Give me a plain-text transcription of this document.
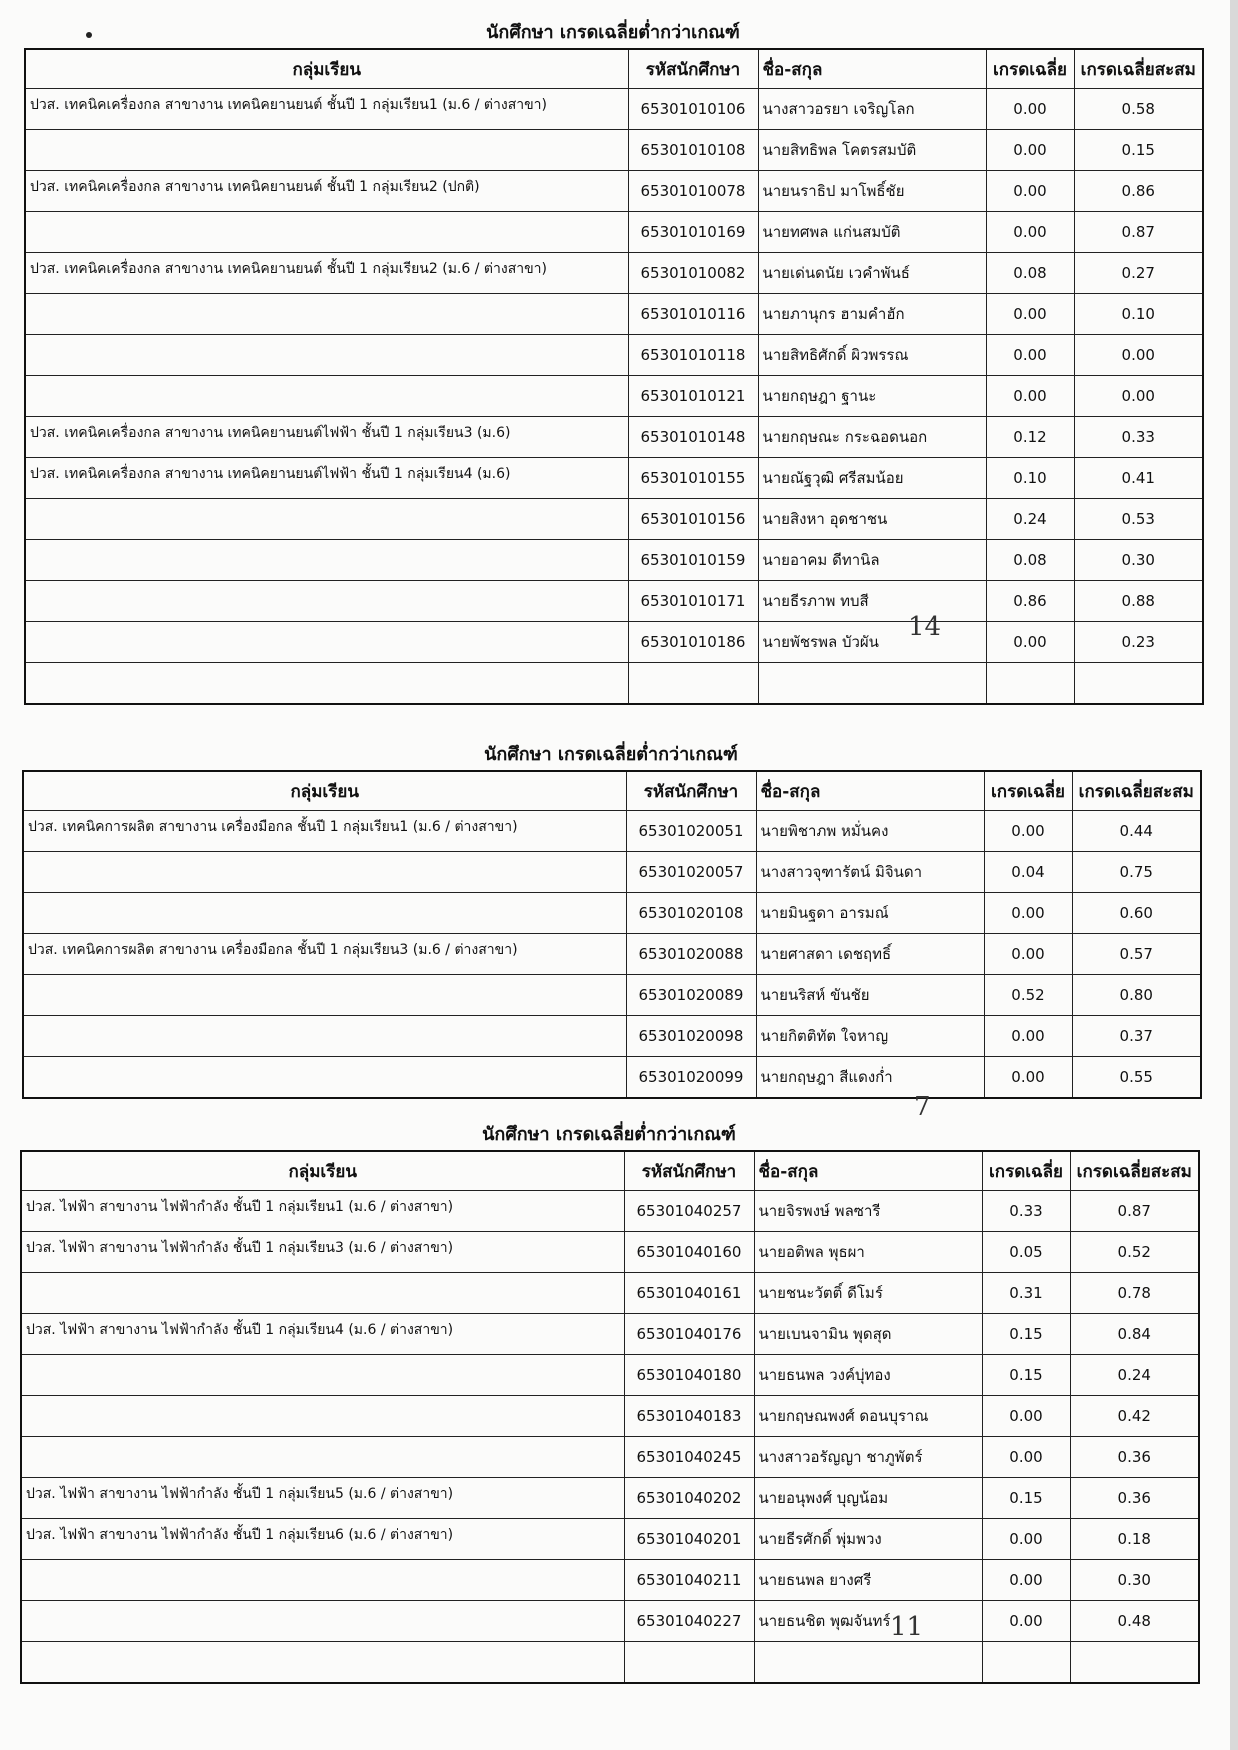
นักศึกษา เกรดเฉลี่ยต่ำกว่าเกณฑ์
กลุ่มเรียน	รหัสนักศึกษา	ชื่อ-สกุล	เกรดเฉลี่ย	เกรดเฉลี่ยสะสม
ปวส. เทคนิคเครื่องกล สาขางาน เทคนิคยานยนต์ ชั้นปี 1 กลุ่มเรียน1 (ม.6 / ต่างสาขา)	65301010106	นางสาวอรยา เจริญโลก	0.00	0.58
	65301010108	นายสิทธิพล โคตรสมบัติ	0.00	0.15
ปวส. เทคนิคเครื่องกล สาขางาน เทคนิคยานยนต์ ชั้นปี 1 กลุ่มเรียน2 (ปกติ)	65301010078	นายนราธิป มาโพธิ์ชัย	0.00	0.86
	65301010169	นายทศพล แก่นสมบัติ	0.00	0.87
ปวส. เทคนิคเครื่องกล สาขางาน เทคนิคยานยนต์ ชั้นปี 1 กลุ่มเรียน2 (ม.6 / ต่างสาขา)	65301010082	นายเด่นดนัย เวคำพันธ์	0.08	0.27
	65301010116	นายภานุกร ฮามคำฮัก	0.00	0.10
	65301010118	นายสิทธิศักดิ์ ผิวพรรณ	0.00	0.00
	65301010121	นายกฤษฎา ฐานะ	0.00	0.00
ปวส. เทคนิคเครื่องกล สาขางาน เทคนิคยานยนต์ไฟฟ้า ชั้นปี 1 กลุ่มเรียน3 (ม.6)	65301010148	นายกฤษณะ กระฉอดนอก	0.12	0.33
ปวส. เทคนิคเครื่องกล สาขางาน เทคนิคยานยนต์ไฟฟ้า ชั้นปี 1 กลุ่มเรียน4 (ม.6)	65301010155	นายณัฐวุฒิ ศรีสมน้อย	0.10	0.41
	65301010156	นายสิงหา อุดชาชน	0.24	0.53
	65301010159	นายอาคม ดีทานิล	0.08	0.30
	65301010171	นายธีรภาพ ทบสี	0.86	0.88
	65301010186	นายพัชรพล บัวผัน	0.00	0.23

14
นักศึกษา เกรดเฉลี่ยต่ำกว่าเกณฑ์
กลุ่มเรียน	รหัสนักศึกษา	ชื่อ-สกุล	เกรดเฉลี่ย	เกรดเฉลี่ยสะสม
ปวส. เทคนิคการผลิต สาขางาน เครื่องมือกล ชั้นปี 1 กลุ่มเรียน1 (ม.6 / ต่างสาขา)	65301020051	นายพิชาภพ หมั่นคง	0.00	0.44
	65301020057	นางสาวจุฑารัตน์ มิจินดา	0.04	0.75
	65301020108	นายมินฐดา อารมณ์	0.00	0.60
ปวส. เทคนิคการผลิต สาขางาน เครื่องมือกล ชั้นปี 1 กลุ่มเรียน3 (ม.6 / ต่างสาขา)	65301020088	นายศาสดา เดชฤทธิ์	0.00	0.57
	65301020089	นายนริสห์ ขันชัย	0.52	0.80
	65301020098	นายกิตติทัต ใจหาญ	0.00	0.37
	65301020099	นายกฤษฎา สีแดงก่ำ	0.00	0.55
7
นักศึกษา เกรดเฉลี่ยต่ำกว่าเกณฑ์
กลุ่มเรียน	รหัสนักศึกษา	ชื่อ-สกุล	เกรดเฉลี่ย	เกรดเฉลี่ยสะสม
ปวส. ไฟฟ้า สาขางาน ไฟฟ้ากำลัง ชั้นปี 1 กลุ่มเรียน1 (ม.6 / ต่างสาขา)	65301040257	นายจิรพงษ์ พลซารี	0.33	0.87
ปวส. ไฟฟ้า สาขางาน ไฟฟ้ากำลัง ชั้นปี 1 กลุ่มเรียน3 (ม.6 / ต่างสาขา)	65301040160	นายอติพล พุธผา	0.05	0.52
	65301040161	นายชนะวัตติ์ ดีโมร์	0.31	0.78
ปวส. ไฟฟ้า สาขางาน ไฟฟ้ากำลัง ชั้นปี 1 กลุ่มเรียน4 (ม.6 / ต่างสาขา)	65301040176	นายเบนจามิน พุดสุด	0.15	0.84
	65301040180	นายธนพล วงค์บุ่ทอง	0.15	0.24
	65301040183	นายกฤษณพงศ์ ดอนบุราณ	0.00	0.42
	65301040245	นางสาวอรัญญา ชาภูพัตร์	0.00	0.36
ปวส. ไฟฟ้า สาขางาน ไฟฟ้ากำลัง ชั้นปี 1 กลุ่มเรียน5 (ม.6 / ต่างสาขา)	65301040202	นายอนุพงศ์ บุญน้อม	0.15	0.36
ปวส. ไฟฟ้า สาขางาน ไฟฟ้ากำลัง ชั้นปี 1 กลุ่มเรียน6 (ม.6 / ต่างสาขา)	65301040201	นายธีรศักดิ์ พุ่มพวง	0.00	0.18
	65301040211	นายธนพล ยางศรี	0.00	0.30
	65301040227	นายธนชิต พุฒจันทร์	0.00	0.48

11
